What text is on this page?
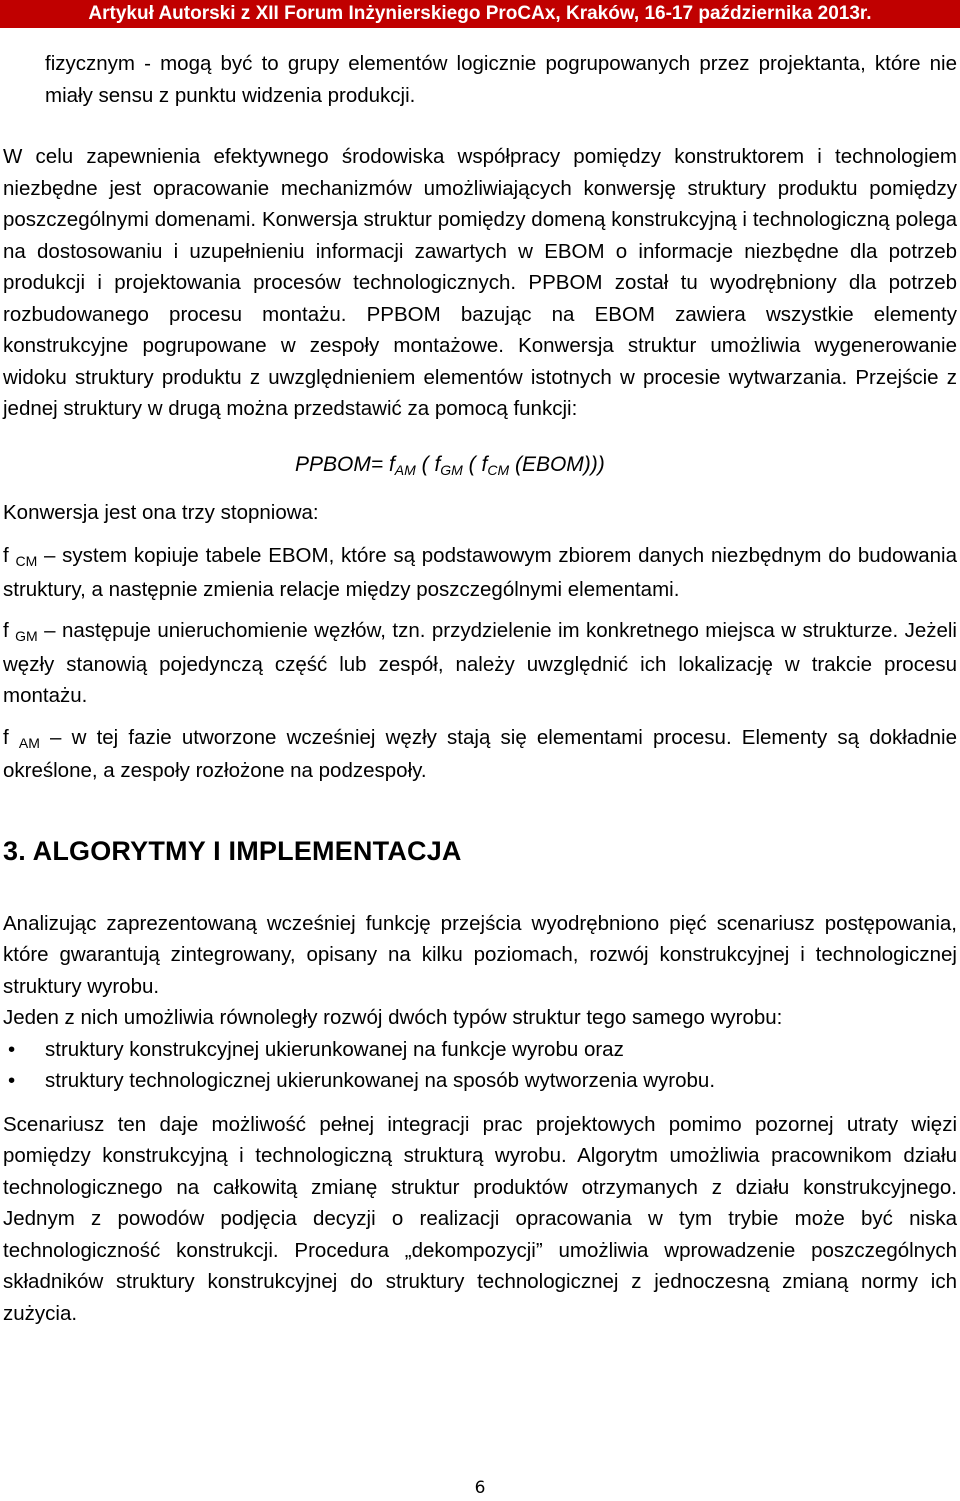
Artykuł Autorski z XII Forum Inżynierskiego ProCAx, Kraków, 16-17 października 2013r.

fizycznym - mogą być to grupy elementów logicznie pogrupowanych przez projektanta, które nie miały sensu z punktu widzenia produkcji.

W celu zapewnienia efektywnego środowiska współpracy pomiędzy konstruktorem i technologiem niezbędne jest opracowanie mechanizmów umożliwiających konwersję struktury produktu pomiędzy poszczególnymi domenami. Konwersja struktur pomiędzy domeną konstrukcyjną i technologiczną polega na dostosowaniu i uzupełnieniu informacji zawartych w EBOM o informacje niezbędne dla potrzeb produkcji i projektowania procesów technologicznych. PPBOM został tu wyodrębniony dla potrzeb rozbudowanego procesu montażu. PPBOM bazując na EBOM zawiera wszystkie elementy konstrukcyjne pogrupowane w zespoły montażowe. Konwersja struktur umożliwia wygenerowanie widoku struktury produktu z uwzględnieniem elementów istotnych w procesie wytwarzania. Przejście z jednej struktury w drugą można przedstawić za pomocą funkcji:

PPBOM= fAM ( fGM ( fCM (EBOM)))

Konwersja jest ona trzy stopniowa:

f CM – system kopiuje tabele EBOM, które są podstawowym zbiorem danych niezbędnym do budowania struktury, a następnie zmienia relacje między poszczególnymi elementami.

f GM – następuje unieruchomienie węzłów, tzn. przydzielenie im konkretnego miejsca w strukturze. Jeżeli węzły stanowią pojedynczą część lub zespół, należy uwzględnić ich lokalizację w trakcie procesu montażu.

f AM – w tej fazie utworzone wcześniej węzły stają się elementami procesu. Elementy są dokładnie określone, a zespoły rozłożone na podzespoły.

3. ALGORYTMY I IMPLEMENTACJA

Analizując zaprezentowaną wcześniej funkcję przejścia wyodrębniono pięć scenariusz postępowania, które gwarantują zintegrowany, opisany na kilku poziomach, rozwój konstrukcyjnej i technologicznej struktury wyrobu.

Jeden z nich umożliwia równoległy rozwój dwóch typów struktur tego samego wyrobu:

• struktury konstrukcyjnej ukierunkowanej na funkcje wyrobu oraz
• struktury technologicznej ukierunkowanej na sposób wytworzenia wyrobu.

Scenariusz ten daje możliwość pełnej integracji prac projektowych pomimo pozornej utraty więzi pomiędzy konstrukcyjną i technologiczną strukturą wyrobu. Algorytm umożliwia pracownikom działu technologicznego na całkowitą zmianę struktur produktów otrzymanych z działu konstrukcyjnego. Jednym z powodów podjęcia decyzji o realizacji opracowania w tym trybie może być niska technologiczność konstrukcji. Procedura „dekompozycji” umożliwia wprowadzenie poszczególnych składników struktury konstrukcyjnej do struktury technologicznej z jednoczesną zmianą normy ich zużycia.

6
